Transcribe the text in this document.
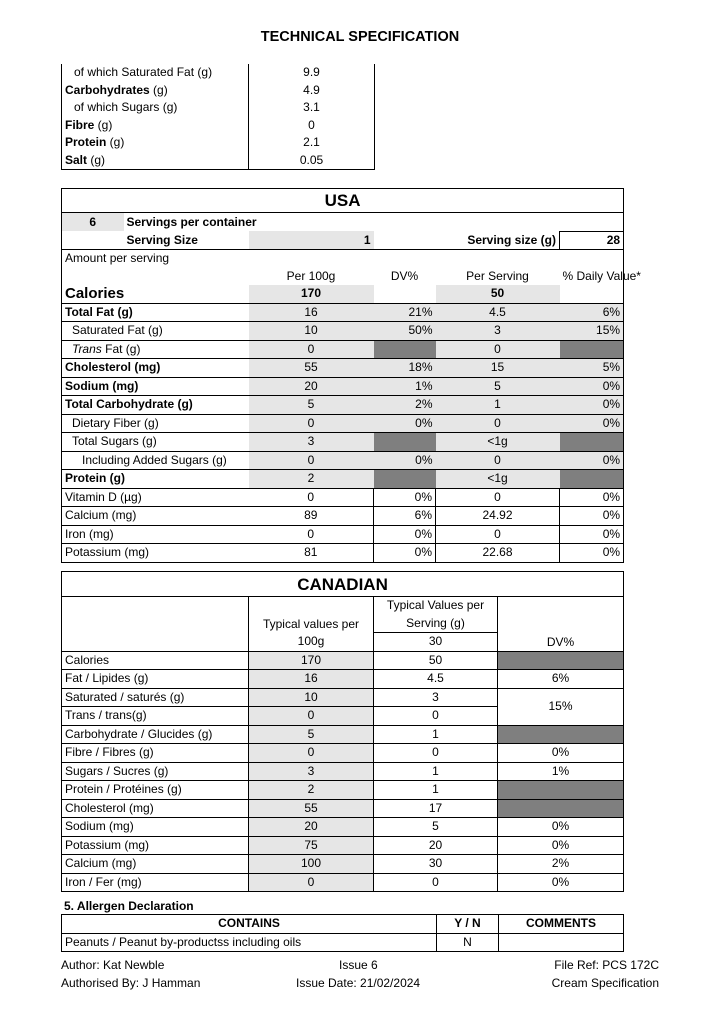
TECHNICAL SPECIFICATION
of which Saturated Fat (g)	9.9
Carbohydrates (g)	4.9
of which Sugars (g)	3.1
Fibre (g)	0
Protein (g)	2.1
Salt (g)	0.05
USA					
6	Servings per container				
	Serving Size	1		Serving size (g)	28
Amount per serving					
		Per 100g	DV%	Per Serving	% Daily Value*
Calories		170		50	
Total Fat (g)		16	21%	4.5	6%
Saturated Fat (g)		10	50%	3	15%
Trans Fat (g)		0		0	
Cholesterol (mg)		55	18%	15	5%
Sodium (mg)		20	1%	5	0%
Total Carbohydrate (g)		5	2%	1	0%
Dietary Fiber (g)		0	0%	0	0%
Total Sugars (g)		3		<1g	
Including Added Sugars (g)		0	0%	0	0%
Protein (g)		2		<1g	
Vitamin D (µg)		0	0%	0	0%
Calcium (mg)		89	6%	24.92	0%
Iron (mg)		0	0%	0	0%
Potassium (mg)		81	0%	22.68	0%
CANADIAN			
	Typical values per	Typical Values per	DV%
		Serving (g)	
	100g	30	
Calories	170	50	
Fat / Lipides (g)	16	4.5	6%
Saturated / saturés (g)	10	3	15%
Trans / trans(g)	0	0	
Carbohydrate / Glucides (g)	5	1	
Fibre / Fibres (g)	0	0	0%
Sugars / Sucres (g)	3	1	1%
Protein / Protéines (g)	2	1	
Cholesterol (mg)	55	17	
Sodium (mg)	20	5	0%
Potassium (mg)	75	20	0%
Calcium (mg)	100	30	2%
Iron / Fer (mg)	0	0	0%
5. Allergen Declaration
CONTAINS	Y / N	COMMENTS
Peanuts / Peanut by-productss including oils	N	
Author: Kat Newble
Authorised By: J Hamman
Issue 6
Issue Date: 21/02/2024
File Ref: PCS 172C
Cream Specification
